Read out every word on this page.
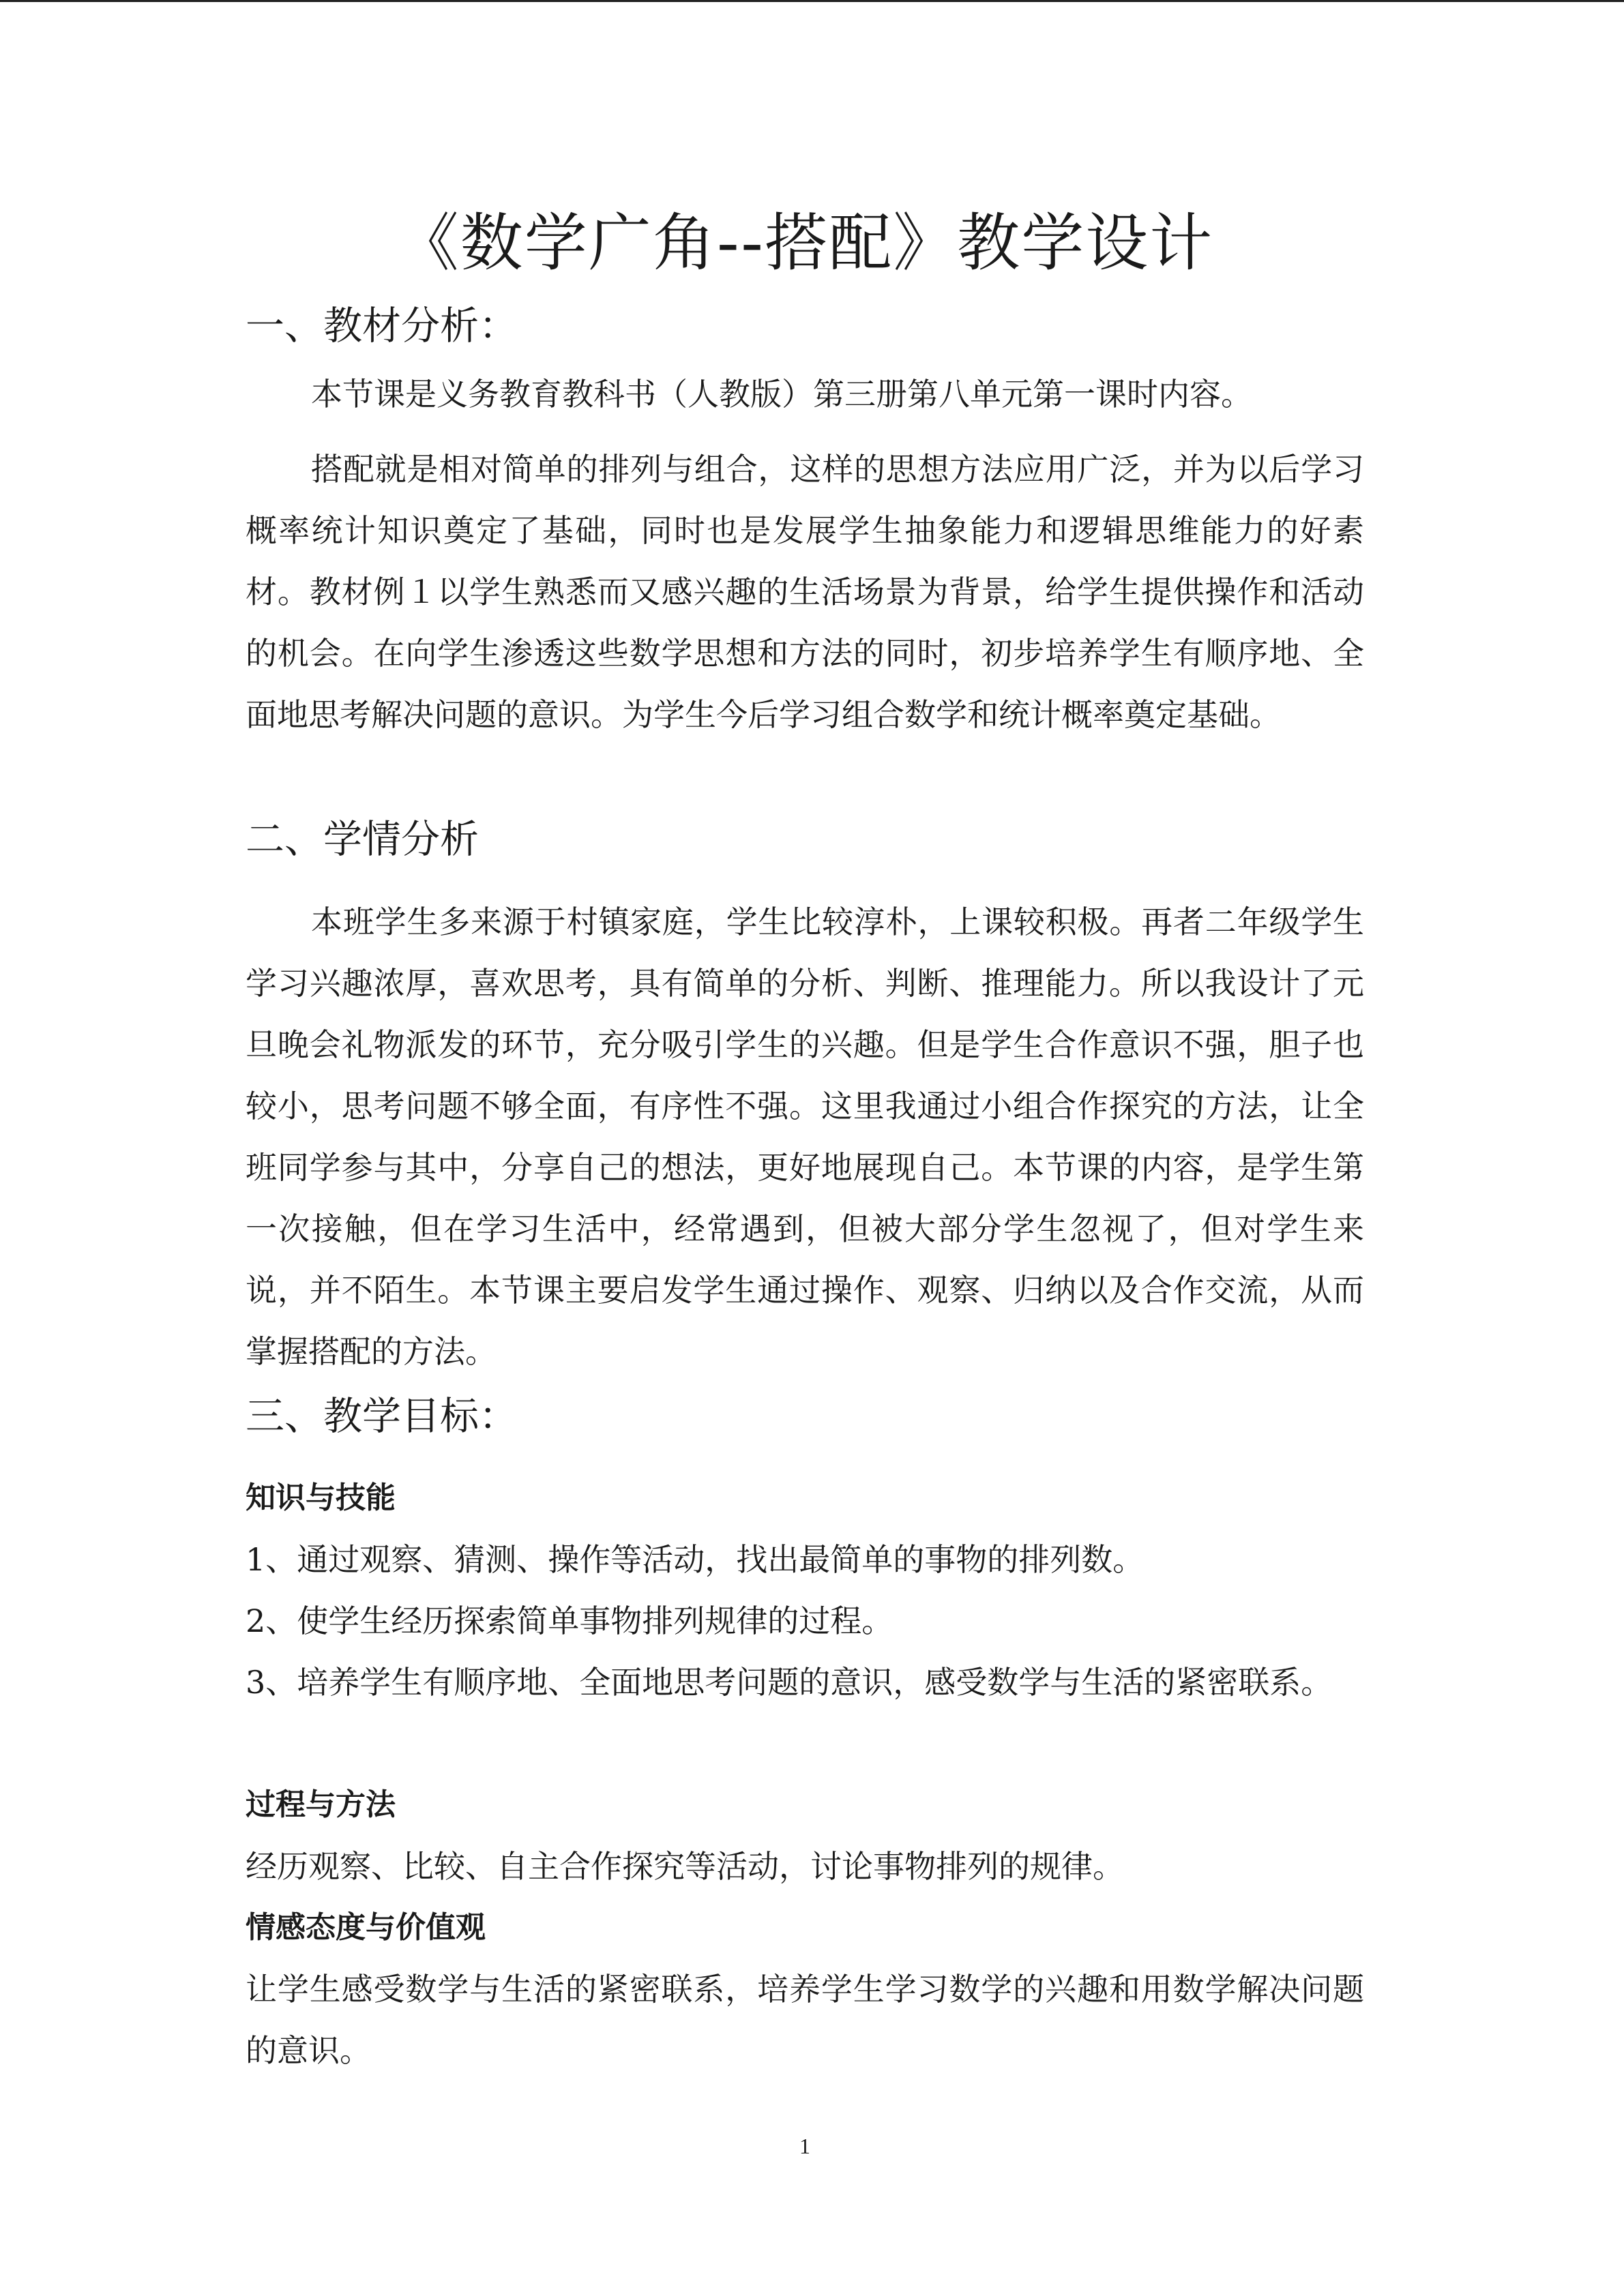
《数学广角--搭配》教学设计
一、教材分析：

本节课是义务教育教科书（人教版）第三册第八单元第一课时内容。

搭配就是相对简单的排列与组合，这样的思想方法应用广泛，并为以后学习概率统计知识奠定了基础，同时也是发展学生抽象能力和逻辑思维能力的好素材。教材例１以学生熟悉而又感兴趣的生活场景为背景，给学生提供操作和活动的机会。在向学生渗透这些数学思想和方法的同时，初步培养学生有顺序地、全面地思考解决问题的意识。为学生今后学习组合数学和统计概率奠定基础。

二、学情分析

本班学生多来源于村镇家庭，学生比较淳朴，上课较积极。再者二年级学生学习兴趣浓厚，喜欢思考，具有简单的分析、判断、推理能力。所以我设计了元旦晚会礼物派发的环节，充分吸引学生的兴趣。但是学生合作意识不强，胆子也较小，思考问题不够全面，有序性不强。这里我通过小组合作探究的方法，让全班同学参与其中，分享自己的想法，更好地展现自己。本节课的内容，是学生第一次接触，但在学习生活中，经常遇到，但被大部分学生忽视了，但对学生来说，并不陌生。本节课主要启发学生通过操作、观察、归纳以及合作交流，从而掌握搭配的方法。

三、教学目标：
知识与技能

1、通过观察、猜测、操作等活动，找出最简单的事物的排列数。

2、使学生经历探索简单事物排列规律的过程。

3、培养学生有顺序地、全面地思考问题的意识，感受数学与生活的紧密联系。

过程与方法

经历观察、比较、自主合作探究等活动，讨论事物排列的规律。

情感态度与价值观

让学生感受数学与生活的紧密联系，培养学生学习数学的兴趣和用数学解决问题的意识。

1
